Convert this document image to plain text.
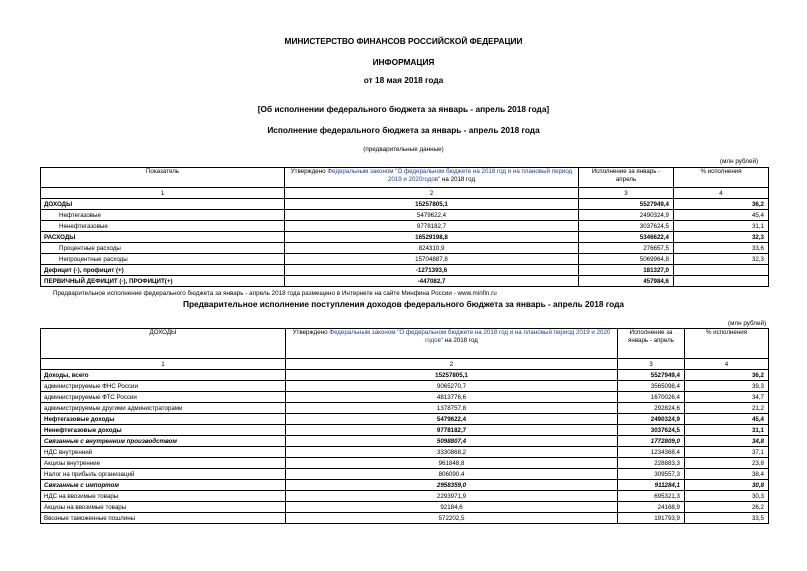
МИНИСТЕРСТВО ФИНАНСОВ РОССИЙСКОЙ ФЕДЕРАЦИИ
ИНФОРМАЦИЯ
от 18 мая 2018 года
[Об исполнении федерального бюджета за январь - апрель 2018 года]
Исполнение федерального бюджета за январь - апрель 2018 года
(предварительные данные)
(млн рублей)
Показатель	Утверждено Федеральным законом "О федеральном бюджете на 2018 год и на плановый период 2019 и 2020годов" на 2018 год	Исполнение за январь - апрель	% исполнения
1	2	3	4
ДОХОДЫ	15257805,1	5527949,4	36,2
Нефтегазовые	5479622,4	2490324,9	45,4
Ненефтегазовые	9778182,7	3037624,5	31,1
РАСХОДЫ	16529198,8	5346622,4	32,3
Процентные расходы	824310,9	276657,5	33,6
Непроцентные расходы	15704887,8	5069964,8	32,3
Дефицит (-), профицит (+)	-1271393,6	181327,0	
ПЕРВИЧНЫЙ ДЕФИЦИТ (-), ПРОФИЦИТ(+)	-447082,7	457984,6	
Предварительное исполнение федерального бюджета за январь - апрель 2018 года размещено в Интернете на сайте Минфина России - www.minfin.ru
Предварительное исполнение поступления доходов федерального бюджета за январь - апрель 2018 года
(млн рублей)
ДОХОДЫ	Утверждено Федеральным законом "О федеральном бюджете на 2018 год и на плановый период 2019 и 2020 годов" на 2018 год	Исполнение за январь - апрель	% исполнения
1	2	3	4
Доходы, всего	15257805,1	5527949,4	36,2
администрируемые ФНС России	9065270,7	3565098,4	39,3
администрируемые ФТС России	4813776,6	1670026,4	34,7
администрируемые другими администраторами	1378757,8	292824,6	21,2
Нефтегазовые доходы	5479622,4	2490324,9	45,4
Ненефтегазовые доходы	9778182,7	3037624,5	31,1
Связанные с внутренним производством	5098807,4	1772809,0	34,8
НДС внутренний	3330868,2	1234368,4	37,1
Акцизы внутренние	961848,8	228883,3	23,8
Налог на прибыль организаций	806090,4	309557,3	38,4
Связанные с импортом	2958359,0	911284,1	30,8
НДС на ввозимые товары	2293971,9	695321,3	30,3
Акцизы на ввозимые товары	92184,6	24168,9	26,2
Ввозные таможенные пошлины	572202,5	191793,9	33,5
